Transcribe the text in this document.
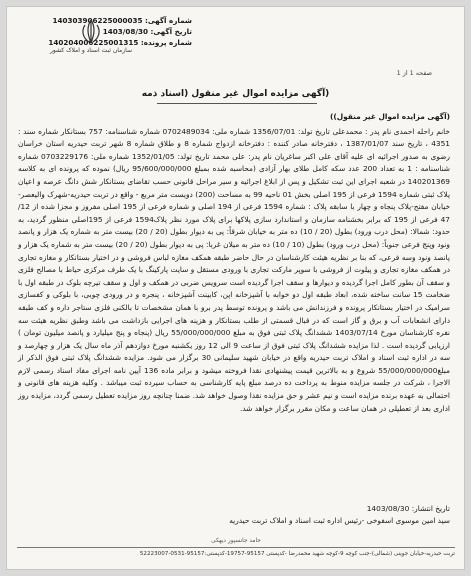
شماره آگهی: 140303906225000035
تاریخ آگهی: 1403/08/30
شماره پرونده: 140204006225001315
سازمان ثبت اسناد و املاک کشور
صفحه 1 از 1
(آگهی مزایده اموال غیر منقول (اسناد ذمه

(آگهی مزایده اموال غیر منقول))

خانم راحله احمدی نام پدر : محمدعلی تاریخ تولد: 1356/07/01 شماره ملی: 0702489034 شماره شناسنامه: 757 بستانکار شماره سند : 4351 ، تاریخ سند 1387/01/07 ، دفترخانه صادر کننده : دفترخانه ازدواج شماره 8 و طلاق شماره 8 شهر تربت حیدریه استان خراسان رضوی به صدور اجرائیه ای علیه آقای علی اکبر ساغریان نام پدر: علی محمد تاریخ تولد: 1352/01/05 شماره ملی: 0703229176 شماره شناسنامه : 1 به تعداد 200 عدد سکه کامل طلای بهار آزادی (محاسبه شده بمبلغ 95/600/000/000 ریال) نموده که پرونده ای به کلاسه 140201369 در شعبه اجرای این ثبت تشکیل و پس از ابلاغ اجرائیه و سیر مراحل قانونی حسب تقاضای بستانکار شش دانگ عرصه و اعیان پلاک ثبتی شماره 1594 فرعی از 195 اصلی بخش 01 ناحیه 99 به مساحت (200) دویست متر مربع - واقع در تربت حیدریه-شهرک والیعصر-خیابان مفتح-پلاک پنجاه و چهار با سابقه پلاک : شماره 1594 فرعی از 194 اصلی و شماره فرعی از 195 اصلی مفروز و مجزا شده از 12/ 47 فرعی از 195 که برابر بخشنامه سازمان و استاندارد سازی پلاکها برای پلاک مورد نظر پلاک1594 فرعی از 195اصلی منظور گردید، به حدود: شمالا: (محل درب ورود) بطول (20 / 10) ده متر به خیابان شرقاً: پی به دیوار بطول (20 / 20) بیست متر به شماره یک هزار و پانصد ونود وپنج فرعی جنوباً: (محل درب ورود) بطول (10 / 10) ده متر به میلان غربا: پی به دیوار بطول (20 / 20) بیست متر به شماره یک هزار و پانصد ونود وسه فرعی، که بنا بر نظریه هیئت کارشناسان در حال حاضر طبقه همکف مغازه لباس فروشی و در اختیار بستانکار و مغازه تجاری در همکف مغازه تجاری و پیلوت از فروشی با سوپر مارکت تجاری با ورودی مستقل و سایت پارکینگ با یک طرف مرکزی حیاط با مصالح فلزی و سقف آن بطور کامل اجرا گردیده و دیوارها و سقف اجرا گردیده است سرویس ضربی در همکف و اول و سقف تیرچه بلوک در طبقه اول با ضخامت 15 سانت ساخته شده، ابعاد طبقه اول دو خوابه با آشپزخانه اپن، کابینت آشپزخانه ، پنجره و در ورودی چوبی، با بلوکی و کفسازی سرامیک در اختیار بستانکار پرونده و فرزندانش می باشد و پرونده توسط پدر برو با همان مشخصات تا بالکنی فلزی ستاجر داره و کف طبقه دارای انشعابات آب و برق و گاز است که در قبال قسمتی از طلب بستانکار و هزینه های اجرایی بازداشت می باشد وطبق نظریه هیئت سه نفره کارشناسان مورخ 1403/07/14 ششدانگ پلاک ثبتی فوق به مبلغ 55/000/000/000 ریال (پنجاه و پنج میلیارد و پانصد میلیون تومان ) ارزیابی گردیده است . لذا مزایده ششدانگ پلاک ثبتی فوق از ساعت 9 الی 12 روز یکشنبه مورخ دوازدهم آذر ماه سال یک هزار و چهارصد و سه در اداره ثبت اسناد و املاک تربت حیدریه واقع در خیابان شهید سلیمانی 30 برگزار می شود. مزایده ششدانگ پلاک ثبتی فوق الذکر از مبلغ55/000/000/000 شروع و به بالاترین قیمت پیشنهادی نقدا فروخته میشود و برابر ماده 136 آیین نامه اجرای مفاد اسناد رسمی لازم الاجرا ، شرکت در جلسه مزایده منوط به پرداخت ده درصد مبلغ پایه کارشناسی به حساب سپرده ثبت میباشد . وکلیه هزینه های قانونی و احتمالی به عهده برنده مزایده است و نیم عشر و حق مزایده نقدا وصول خواهد شد. ضمنا چنانچه روز مزایده تعطیل رسمی گردد، مزایده روز اداری بعد از تعطیلی در همان ساعت و مکان مقرر برگزار خواهد شد.

تاریخ انتشار: 1403/08/30
سید امین موسوی اسفوخی -رئیس اداره ثبت اسناد و املاک تربت حیدریه
حامد جانسپور دیهکی
تربت حیدریه-خیابان جوینی (شمالی)-جنب کوچه 9-کوچه شهید محمدرضا -کدپستی 95157-19757-کدپستی:95157-0531-52223007
